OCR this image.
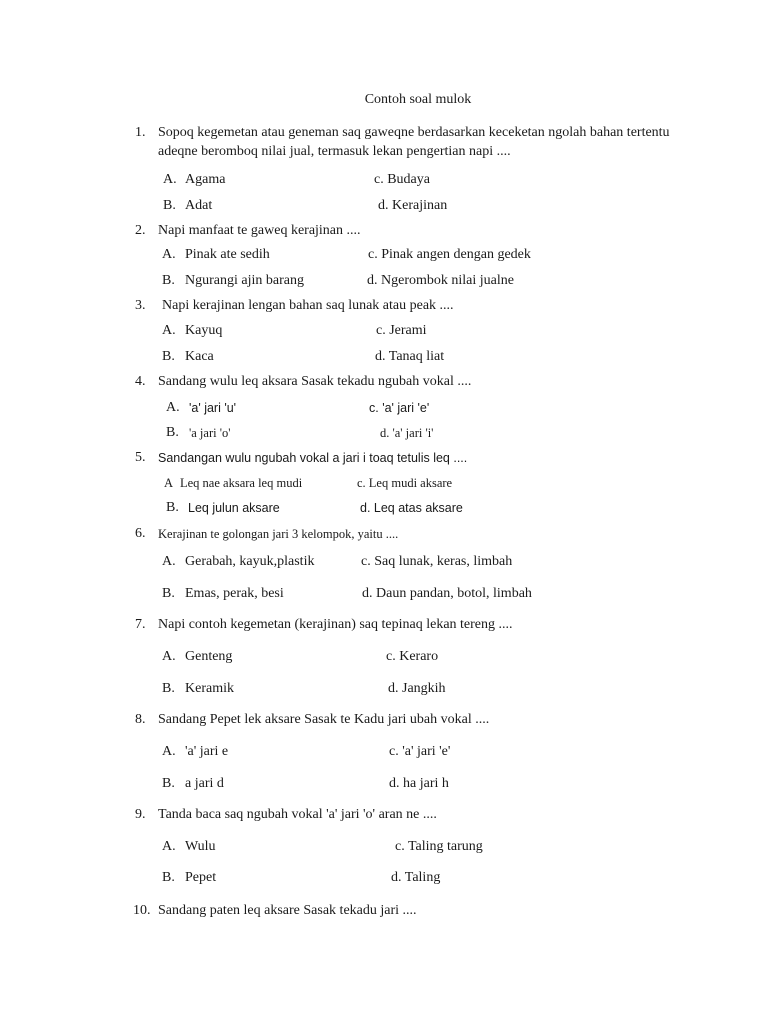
Contoh soal mulok
1. Sopoq kegemetan atau geneman saq gaweqne berdasarkan keceketan ngolah bahan tertentu
adeqne beromboq nilai jual, termasuk lekan pengertian napi ....
A. Agama	c. Budaya
B. Adat	d. Kerajinan
2. Napi manfaat te gaweq kerajinan ....
A. Pinak ate sedih	c. Pinak angen dengan gedek
B. Ngurangi ajin barang	d. Ngerombok nilai jualne
3. Napi kerajinan lengan bahan saq lunak atau peak ....
A. Kayuq	c. Jerami
B. Kaca	d. Tanaq liat
4. Sandang wulu leq aksara Sasak tekadu ngubah vokal ....
A. 'a' jari 'u'	c. 'a' jari 'e'
B. 'a jari 'o'	d. 'a' jari 'i'
5. Sandangan wulu ngubah vokal a jari i toaq tetulis leq ....
A Leq nae aksara leq mudi	c. Leq mudi aksare
B. Leq julun aksare	d. Leq atas aksare
6. Kerajinan te golongan jari 3 kelompok, yaitu ....
A. Gerabah, kayuk,plastik	c. Saq lunak, keras, limbah
B. Emas, perak, besi	d. Daun pandan, botol, limbah
7. Napi contoh kegemetan (kerajinan) saq tepinaq lekan tereng ....
A. Genteng	c. Keraro
B. Keramik	d. Jangkih
8. Sandang Pepet lek aksare Sasak te Kadu jari ubah vokal ....
A. 'a' jari e	c. 'a' jari 'e'
B. a jari d	d. ha jari h
9. Tanda baca saq ngubah vokal 'a' jari 'o' aran ne ....
A. Wulu	c. Taling tarung
B. Pepet	d. Taling
10. Sandang paten leq aksare Sasak tekadu jari ....
